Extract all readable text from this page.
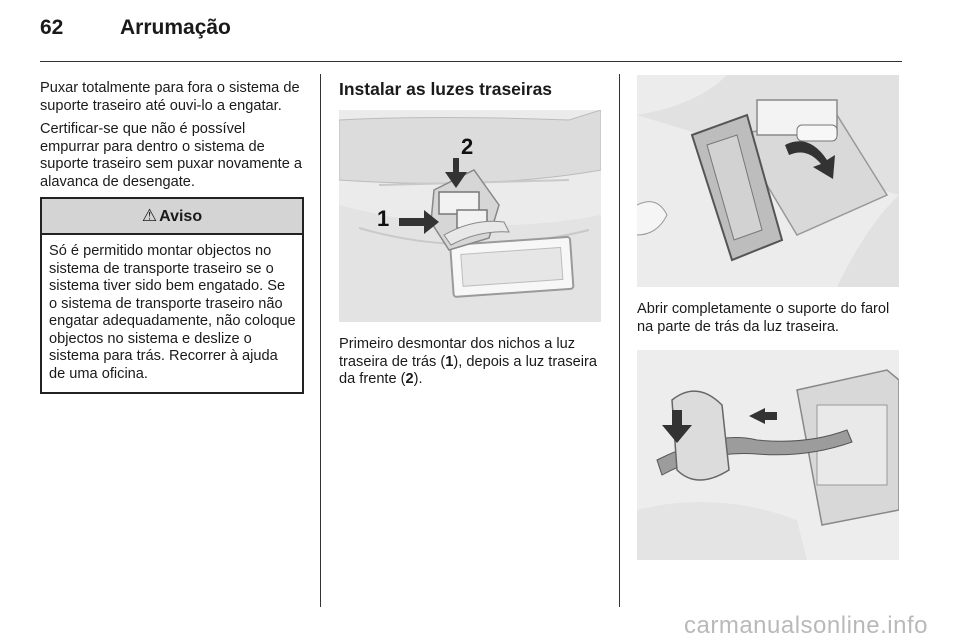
62	Arrumação

Puxar totalmente para fora o sistema de suporte traseiro até ouvi-lo a engatar.

Certificar-se que não é possível empurrar para dentro o sistema de suporte traseiro sem puxar novamente a alavanca de desengate.

⚠ Aviso
Só é permitido montar objectos no sistema de transporte traseiro se o sistema tiver sido bem engatado. Se o sistema de transporte traseiro não engatar adequadamente, não coloque objectos no sistema e deslize o sistema para trás. Recorrer à ajuda de uma oficina.
Instalar as luzes traseiras
1
2

Primeiro desmontar dos nichos a luz traseira de trás (1), depois a luz traseira da frente (2).

Abrir completamente o suporte do farol na parte de trás da luz traseira.

carmanualsonline.info
